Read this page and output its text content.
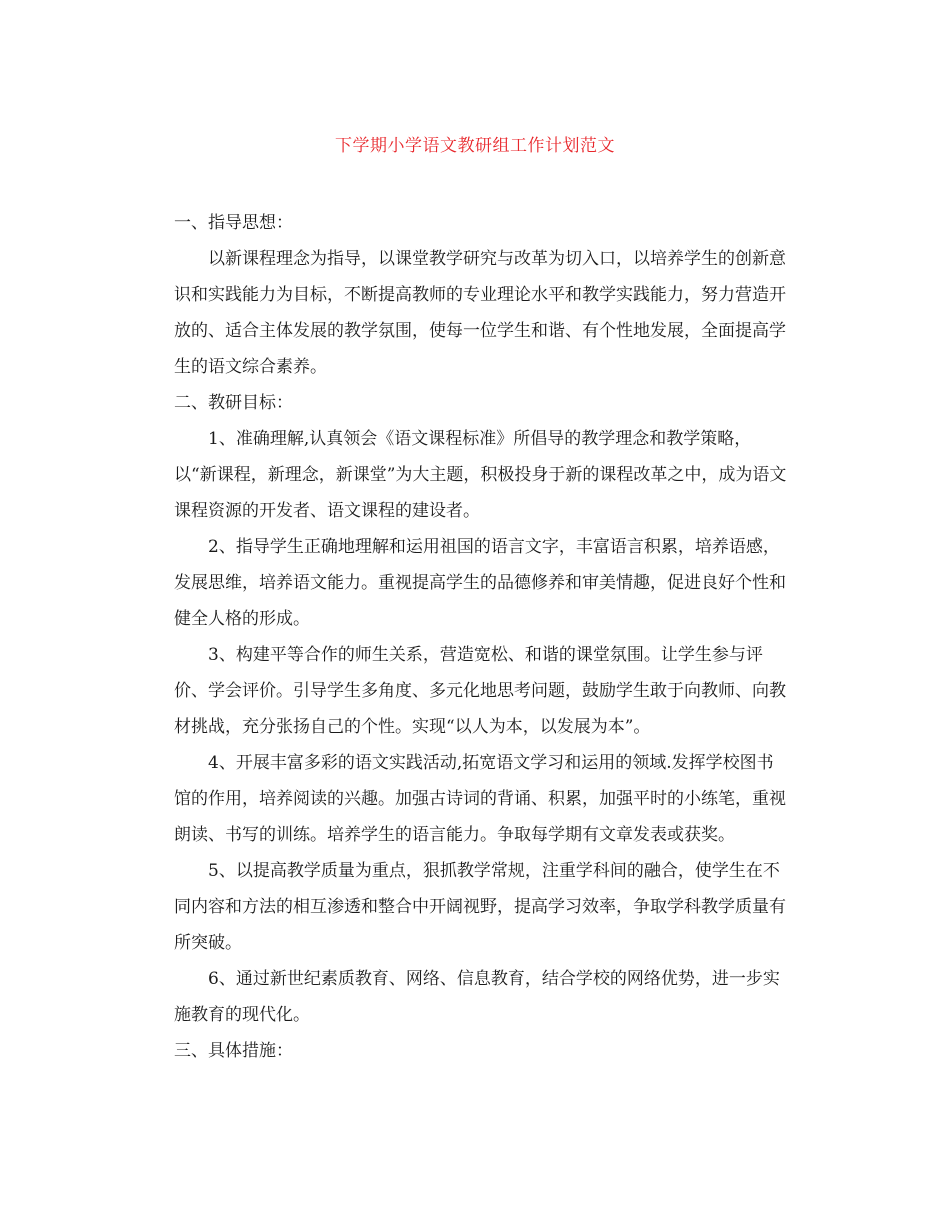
下学期小学语文教研组工作计划范文

一、指导思想：

以新课程理念为指导，以课堂教学研究与改革为切入口，以培养学生的创新意
识和实践能力为目标，不断提高教师的专业理论水平和教学实践能力，努力营造开
放的、适合主体发展的教学氛围，使每一位学生和谐、有个性地发展，全面提高学
生的语文综合素养。

二、教研目标：

1、准确理解,认真领会《语文课程标准》所倡导的教学理念和教学策略，
以“新课程，新理念，新课堂”为大主题，积极投身于新的课程改革之中，成为语文
课程资源的开发者、语文课程的建设者。
2、指导学生正确地理解和运用祖国的语言文字，丰富语言积累，培养语感，
发展思维，培养语文能力。重视提高学生的品德修养和审美情趣，促进良好个性和
健全人格的形成。
3、构建平等合作的师生关系，营造宽松、和谐的课堂氛围。让学生参与评
价、学会评价。引导学生多角度、多元化地思考问题，鼓励学生敢于向教师、向教
材挑战，充分张扬自己的个性。实现“以人为本，以发展为本”。
4、开展丰富多彩的语文实践活动,拓宽语文学习和运用的领域.发挥学校图书
馆的作用，培养阅读的兴趣。加强古诗词的背诵、积累，加强平时的小练笔，重视
朗读、书写的训练。培养学生的语言能力。争取每学期有文章发表或获奖。
5、以提高教学质量为重点，狠抓教学常规，注重学科间的融合，使学生在不
同内容和方法的相互渗透和整合中开阔视野，提高学习效率，争取学科教学质量有
所突破。
6、通过新世纪素质教育、网络、信息教育，结合学校的网络优势，进一步实
施教育的现代化。

三、具体措施：
